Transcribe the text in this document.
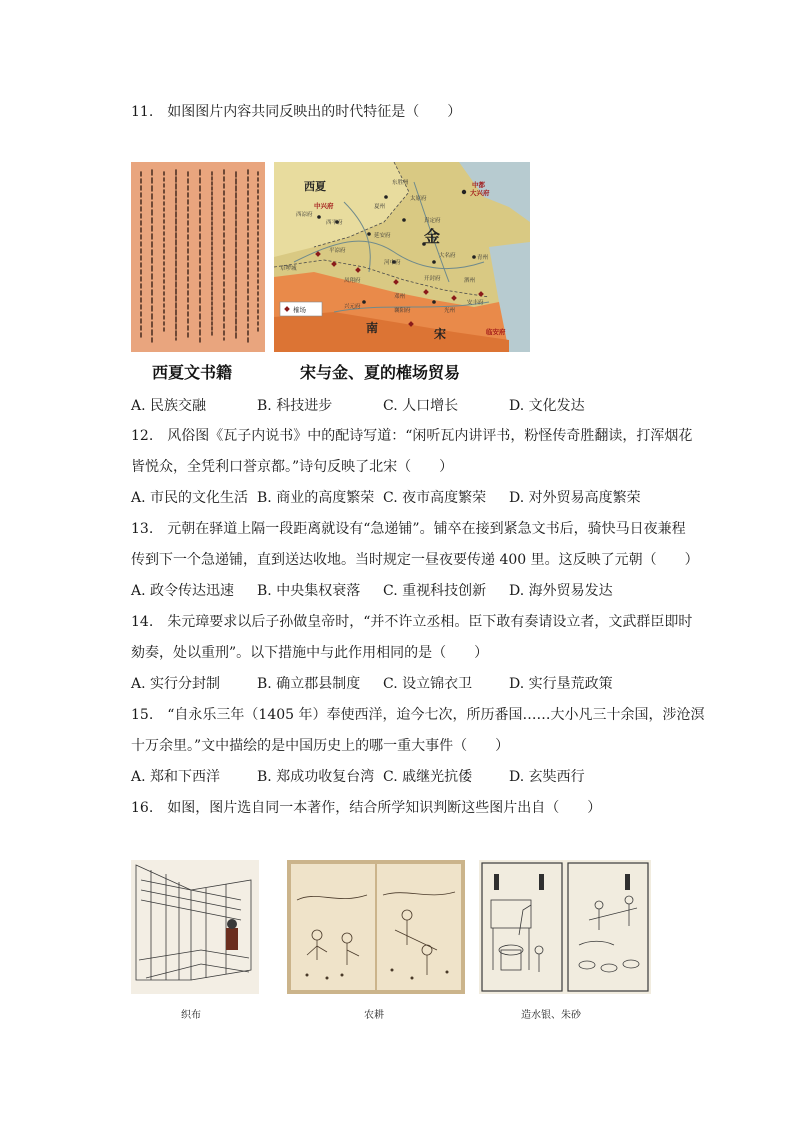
11.　如图图片内容共同反映出的时代特征是（　　）
西夏文书籍
西凉府
西平府
东胜州
太原府
夏州
真定府
大名府	青州
延安府
河中府
平凉府
卓啰城
凤翔府	开封府
兴元府
邓州
襄阳府
泗州
光州
安丰府
西夏
金
南	宋
中兴府
中都
大兴府
临安府
榷场
宋与金、夏的榷场贸易
A. 民族交融	B. 科技进步	C. 人口增长	D. 文化发达
12.　风俗图《瓦子内说书》中的配诗写道：“闲听瓦内讲评书，粉怪传奇胜翻读，打浑烟花
皆悦众，全凭利口誉京都。”诗句反映了北宋（　　）
A. 市民的文化生活 B. 商业的高度繁荣 C. 夜市高度繁荣 D. 对外贸易高度繁荣
13.　元朝在驿道上隔一段距离就设有“急递铺”。铺卒在接到紧急文书后，骑快马日夜兼程
传到下一个急递铺，直到送达收地。当时规定一昼夜要传递 400 里。这反映了元朝（　　）
A. 政令传达迅速 B. 中央集权衰落 C. 重视科技创新 D. 海外贸易发达
14.　朱元璋要求以后子孙做皇帝时，“并不许立丞相。臣下敢有奏请设立者，文武群臣即时
劾奏，处以重刑”。以下措施中与此作用相同的是（　　）
A. 实行分封制	B. 确立郡县制度 C. 设立锦衣卫	D. 实行垦荒政策
15.　“自永乐三年（1405 年）奉使西洋，迨今七次，所历番国……大小凡三十余国，涉沧溟
十万余里。”文中描绘的是中国历史上的哪一重大事件（　　）
A. 郑和下西洋	B. 郑成功收复台湾 C. 戚继光抗倭	D. 玄奘西行
16.　如图，图片选自同一本著作，结合所学知识判断这些图片出自（　　）
织布	农耕	造水银、朱砂
